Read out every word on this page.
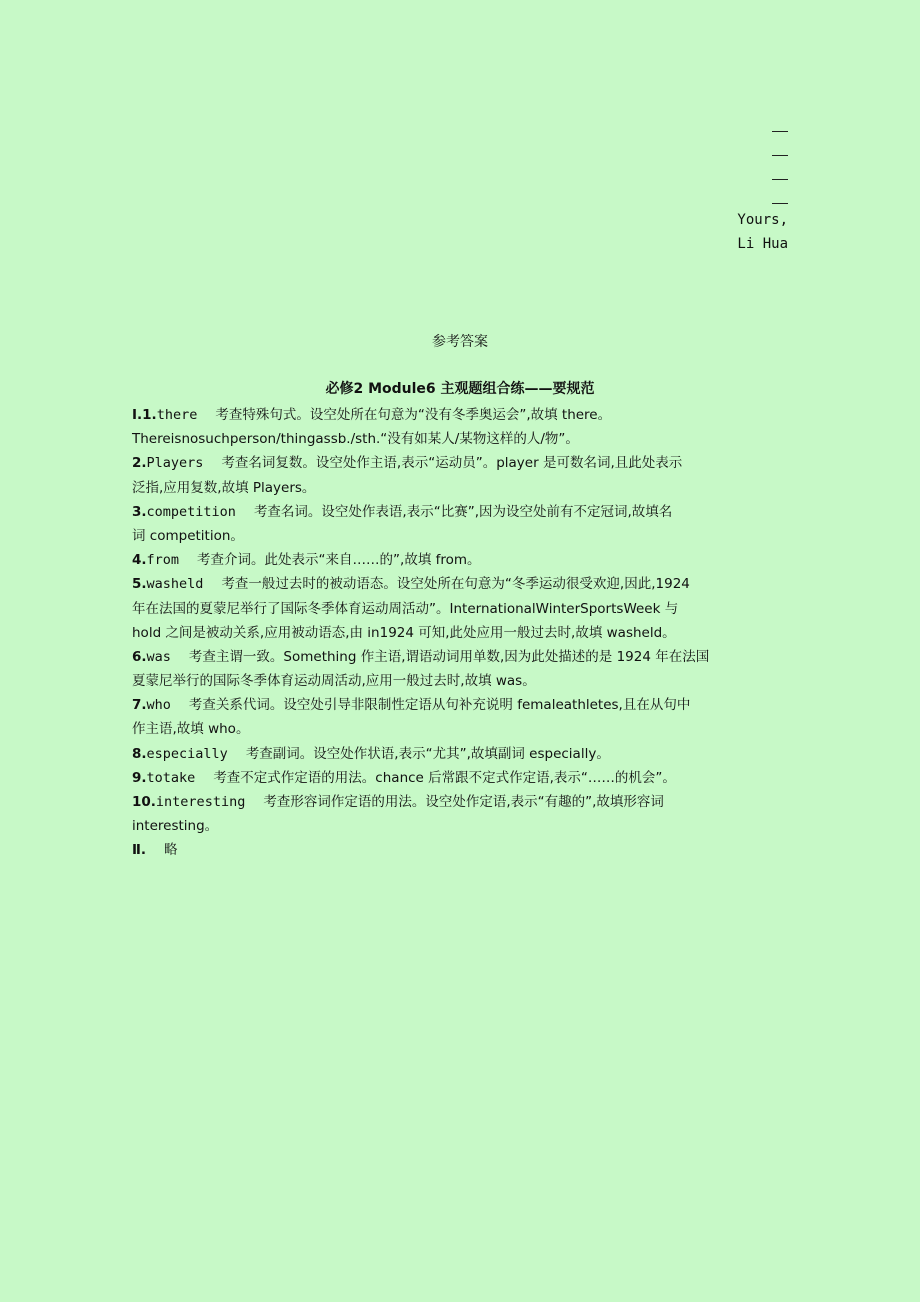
Yours,
Li Hua
参考答案
必修2 Module6 主观题组合练——要规范
Ⅰ.1.there 考查特殊句式。设空处所在句意为“没有冬季奥运会”,故填 there。
Thereisnosuchperson/thingassb./sth.“没有如某人/某物这样的人/物”。
2.Players 考查名词复数。设空处作主语,表示“运动员”。player 是可数名词,且此处表示
泛指,应用复数,故填 Players。
3.competition 考查名词。设空处作表语,表示“比赛”,因为设空处前有不定冠词,故填名
词 competition。
4.from 考查介词。此处表示“来自……的”,故填 from。
5.washeld 考查一般过去时的被动语态。设空处所在句意为“冬季运动很受欢迎,因此,1924
年在法国的夏蒙尼举行了国际冬季体育运动周活动”。InternationalWinterSportsWeek 与
hold 之间是被动关系,应用被动语态,由 in1924 可知,此处应用一般过去时,故填 washeld。
6.was 考查主谓一致。Something 作主语,谓语动词用单数,因为此处描述的是 1924 年在法国
夏蒙尼举行的国际冬季体育运动周活动,应用一般过去时,故填 was。
7.who 考查关系代词。设空处引导非限制性定语从句补充说明 femaleathletes,且在从句中
作主语,故填 who。
8.especially 考查副词。设空处作状语,表示“尤其”,故填副词 especially。
9.totake 考查不定式作定语的用法。chance 后常跟不定式作定语,表示“……的机会”。
10.interesting 考查形容词作定语的用法。设空处作定语,表示“有趣的”,故填形容词
interesting。
Ⅱ. 略
